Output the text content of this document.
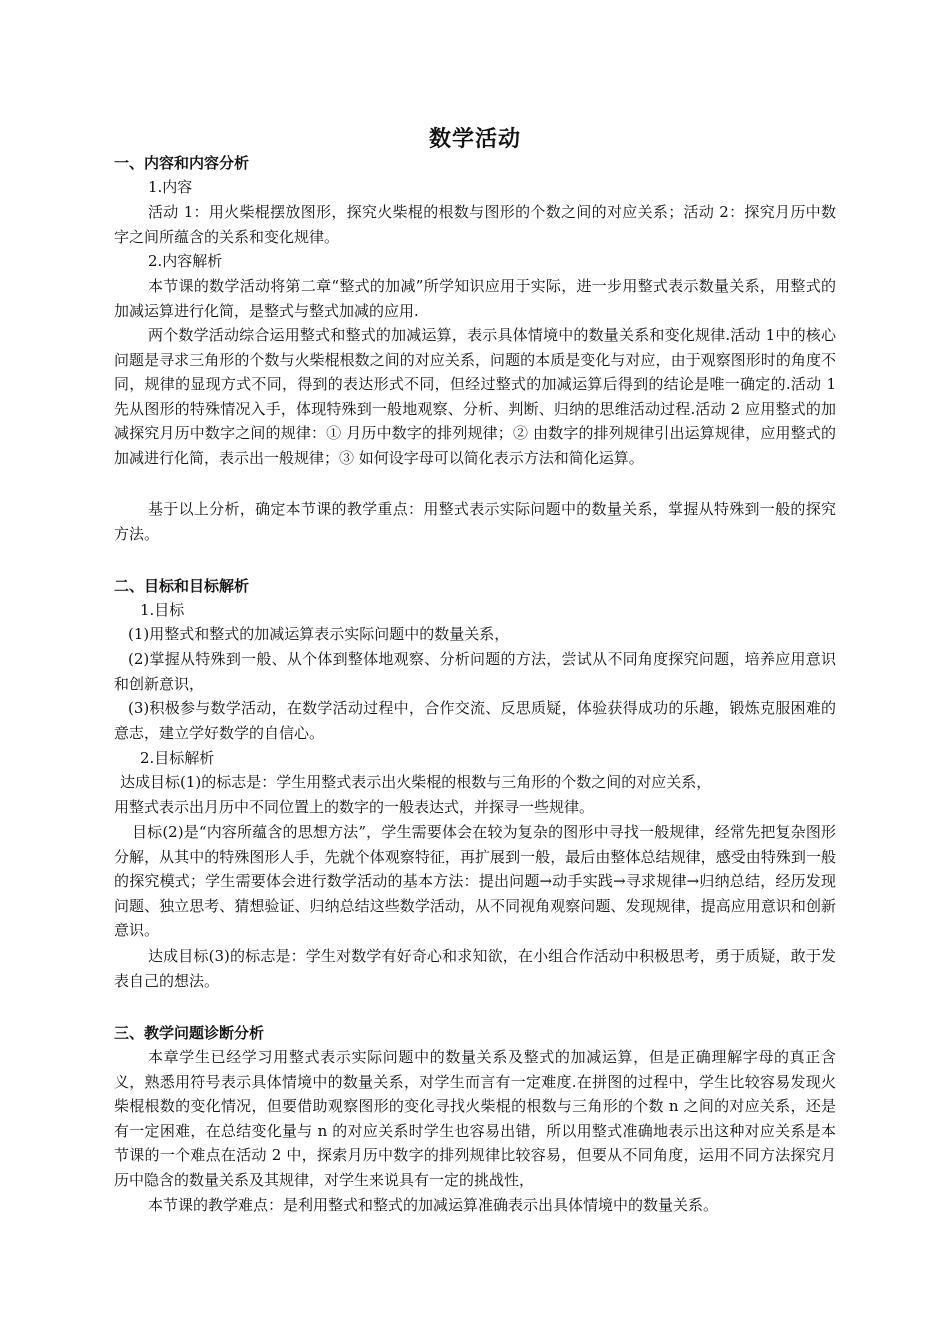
数学活动
一、内容和内容分析
1.内容

活动 1：用火柴棍摆放图形，探究火柴棍的根数与图形的个数之间的对应关系；活动 2：探究月历中数字之间所蕴含的关系和变化规律。

2.内容解析

本节课的数学活动将第二章“整式的加减”所学知识应用于实际，进一步用整式表示数量关系，用整式的加减运算进行化简，是整式与整式加减的应用.

两个数学活动综合运用整式和整式的加减运算，表示具体情境中的数量关系和变化规律.活动 1中的核心问题是寻求三角形的个数与火柴棍根数之间的对应关系，问题的本质是变化与对应，由于观察图形时的角度不同，规律的显现方式不同，得到的表达形式不同，但经过整式的加减运算后得到的结论是唯一确定的.活动 1 先从图形的特殊情况入手，体现特殊到一般地观察、分析、判断、归纳的思维活动过程.活动 2 应用整式的加减探究月历中数字之间的规律：① 月历中数字的排列规律；② 由数字的排列规律引出运算规律，应用整式的加减进行化简，表示出一般规律；③ 如何设字母可以简化表示方法和简化运算。

基于以上分析，确定本节课的教学重点：用整式表示实际问题中的数量关系，掌握从特殊到一般的探究方法。

二、目标和目标解析
1.目标

(1)用整式和整式的加减运算表示实际问题中的数量关系，

(2)掌握从特殊到一般、从个体到整体地观察、分析问题的方法，尝试从不同角度探究问题，培养应用意识和创新意识，

(3)积极参与数学活动，在数学活动过程中，合作交流、反思质疑，体验获得成功的乐趣，锻炼克服困难的意志，建立学好数学的自信心。

2.目标解析
达成目标(1)的标志是：学生用整式表示出火柴棍的根数与三角形的个数之间的对应关系，
用整式表示出月历中不同位置上的数字的一般表达式，并探寻一些规律。

目标(2)是“内容所蕴含的思想方法”，学生需要体会在较为复杂的图形中寻找一般规律，经常先把复杂图形分解，从其中的特殊图形人手，先就个体观察特征，再扩展到一般，最后由整体总结规律，感受由特殊到一般的探究模式；学生需要体会进行数学活动的基本方法：提出问题→动手实践→寻求规律→归纳总结，经历发现问题、独立思考、猜想验证、归纳总结这些数学活动，从不同视角观察问题、发现规律，提高应用意识和创新意识。

达成目标(3)的标志是：学生对数学有好奇心和求知欲，在小组合作活动中积极思考，勇于质疑，敢于发表自己的想法。

三、教学问题诊断分析

本章学生已经学习用整式表示实际问题中的数量关系及整式的加减运算，但是正确理解字母的真正含义，熟悉用符号表示具体情境中的数量关系，对学生而言有一定难度.在拼图的过程中，学生比较容易发现火柴棍根数的变化情况，但要借助观察图形的变化寻找火柴棍的根数与三角形的个数 n 之间的对应关系，还是有一定困难，在总结变化量与 n 的对应关系时学生也容易出错，所以用整式准确地表示出这种对应关系是本节课的一个难点在活动 2 中，探索月历中数字的排列规律比较容易，但要从不同角度，运用不同方法探究月历中隐含的数量关系及其规律，对学生来说具有一定的挑战性，

本节课的教学难点：是利用整式和整式的加减运算准确表示出具体情境中的数量关系。
